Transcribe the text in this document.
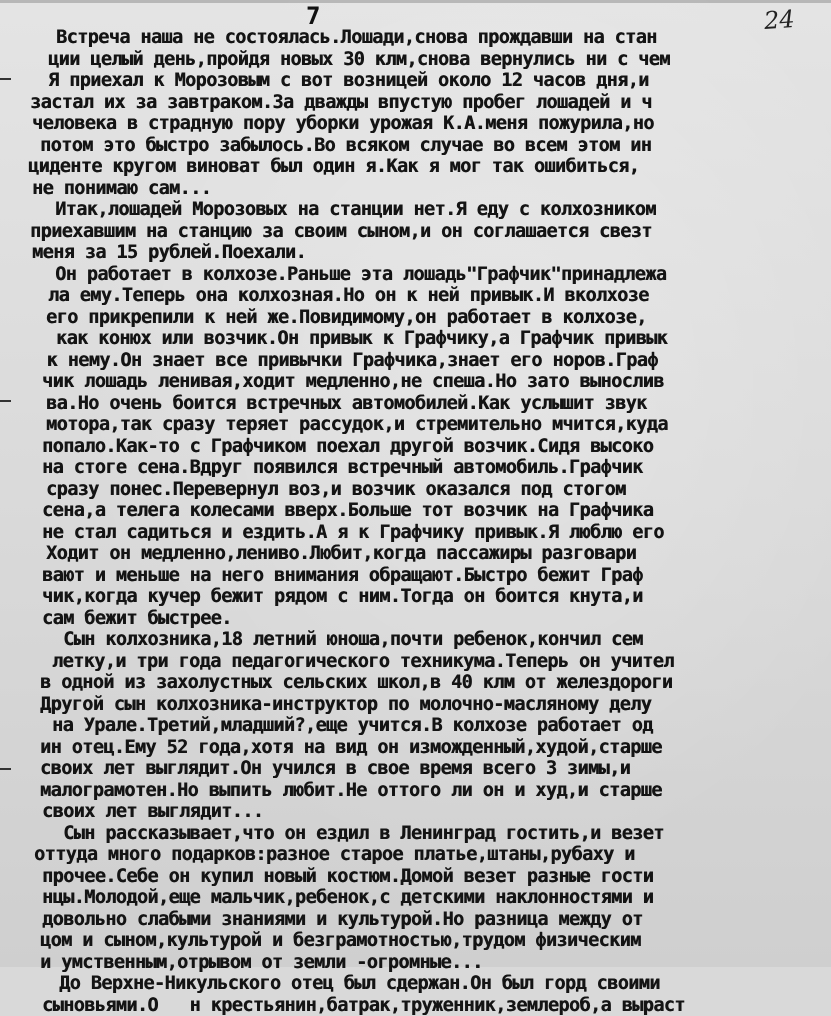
7	24
Встреча наша не состоялась.Лошади,снова прождавши на стан
ции целый день,пройдя новых 30 клм,снова вернулись ни с чем
Я приехал к Морозовым с вот возницей около 12 часов дня,и
застал их за завтраком.За дважды впустую пробег лошадей и ч
человека в страдную пору уборки урожая К.А.меня пожурила,но
потом это быстро забылось.Во всяком случае во всем этом ин
циденте кругом виноват был один я.Как я мог так ошибиться,
не понимаю сам...
Итак,лошадей Морозовых на станции нет.Я еду с колхозником
приехавшим на станцию за своим сыном,и он соглашается свезт
меня за 15 рублей.Поехали.
Он работает в колхозе.Раньше эта лошадь"Графчик"принадлежа
ла ему.Теперь она колхозная.Но он к ней привык.И вколхозе
его прикрепили к ней же.Повидимому,он работает в колхозе,
как конюх или возчик.Он привык к Графчику,а Графчик привык
к нему.Он знает все привычки Графчика,знает его норов.Граф
чик лошадь ленивая,ходит медленно,не спеша.Но зато вынослив
ва.Но очень боится встречных автомобилей.Как услышит звук
мотора,так сразу теряет рассудок,и стремительно мчится,куда
попало.Как-то с Графчиком поехал другой возчик.Сидя высоко
на стоге сена.Вдруг появился встречный автомобиль.Графчик
сразу понес.Перевернул воз,и возчик оказался под стогом
сена,а телега колесами вверх.Больше тот возчик на Графчика
не стал садиться и ездить.А я к Графчику привык.Я люблю его
Ходит он медленно,лениво.Любит,когда пассажиры разговари
вают и меньше на него внимания обращают.Быстро бежит Граф
чик,когда кучер бежит рядом с ним.Тогда он боится кнута,и
сам бежит быстрее.
Сын колхозника,18 летний юноша,почти ребенок,кончил сем
летку,и три года педагогического техникума.Теперь он учител
в одной из захолустных сельских школ,в 40 клм от желездороги
Другой сын колхозника-инструктор по молочно-масляному делу
на Урале.Третий,младший?,еще учится.В колхозе работает од
ин отец.Ему 52 года,хотя на вид он изможденный,худой,старше
своих лет выглядит.Он учился в свое время всего 3 зимы,и
малограмотен.Но выпить любит.Не оттого ли он и худ,и старше
своих лет выглядит...
Сын рассказывает,что он ездил в Ленинград гостить,и везет
оттуда много подарков:разное старое платье,штаны,рубаху и
прочее.Себе он купил новый костюм.Домой везет разные гости
нцы.Молодой,еще мальчик,ребенок,с детскими наклонностями и
довольно слабыми знаниями и культурой.Но разница между от
цом и сыном,культурой и безграмотностью,трудом физическим
и умственным,отрывом от земли -огромные...
До Верхне-Никульского отец был сдержан.Он был горд своими
сыновьями.О   н крестьянин,батрак,труженник,землероб,а выраст
